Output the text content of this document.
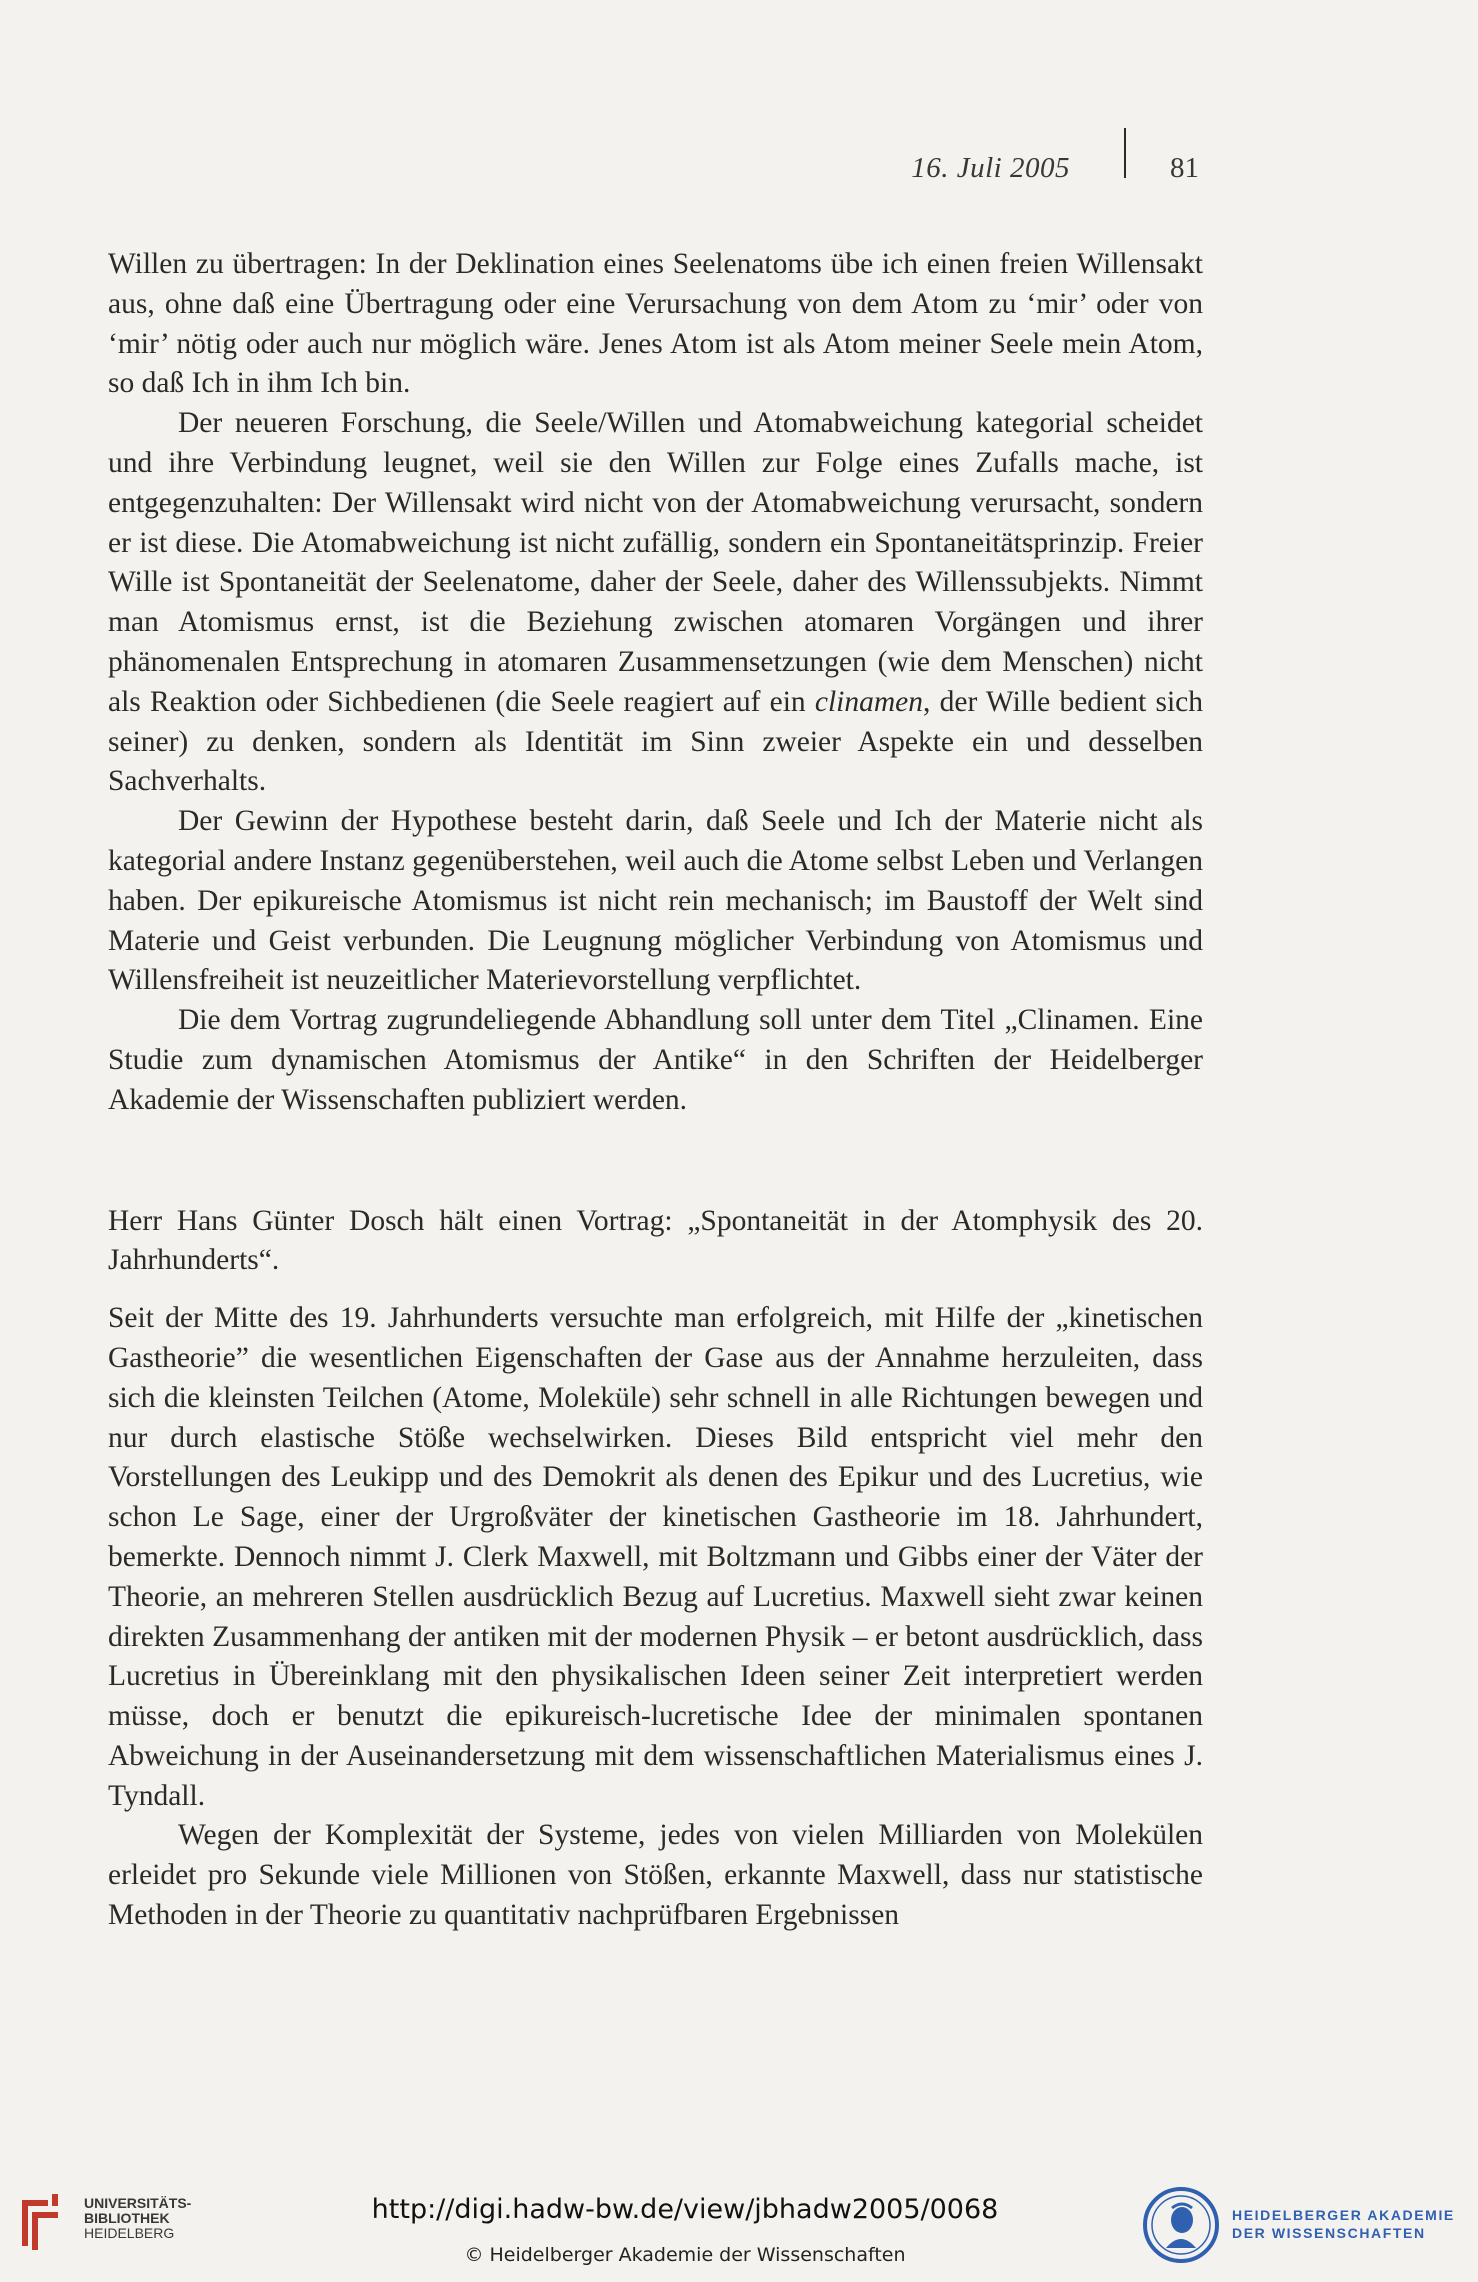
16. Juli 2005	81

Willen zu übertragen: In der Deklination eines Seelenatoms übe ich einen freien Willensakt aus, ohne daß eine Übertragung oder eine Verursachung von dem Atom zu ‘mir’ oder von ‘mir’ nötig oder auch nur möglich wäre. Jenes Atom ist als Atom meiner Seele mein Atom, so daß Ich in ihm Ich bin.

Der neueren Forschung, die Seele/Willen und Atomabweichung kategorial scheidet und ihre Verbindung leugnet, weil sie den Willen zur Folge eines Zufalls mache, ist entgegenzuhalten: Der Willensakt wird nicht von der Atomabweichung verursacht, sondern er ist diese. Die Atomabweichung ist nicht zufällig, sondern ein Spontaneitätsprinzip. Freier Wille ist Spontaneität der Seelenatome, daher der Seele, daher des Willenssubjekts. Nimmt man Atomismus ernst, ist die Beziehung zwischen atomaren Vorgängen und ihrer phänomenalen Entsprechung in atomaren Zusammensetzungen (wie dem Menschen) nicht als Reaktion oder Sichbedienen (die Seele reagiert auf ein clinamen, der Wille bedient sich seiner) zu denken, sondern als Identität im Sinn zweier Aspekte ein und desselben Sachverhalts.

Der Gewinn der Hypothese besteht darin, daß Seele und Ich der Materie nicht als kategorial andere Instanz gegenüberstehen, weil auch die Atome selbst Leben und Verlangen haben. Der epikureische Atomismus ist nicht rein mechanisch; im Baustoff der Welt sind Materie und Geist verbunden. Die Leugnung möglicher Verbindung von Atomismus und Willensfreiheit ist neuzeitlicher Materievorstellung verpflichtet.

Die dem Vortrag zugrundeliegende Abhandlung soll unter dem Titel „Clinamen. Eine Studie zum dynamischen Atomismus der Antike“ in den Schriften der Heidelberger Akademie der Wissenschaften publiziert werden.

Herr Hans Günter Dosch hält einen Vortrag: „Spontaneität in der Atomphysik des 20. Jahrhunderts“.

Seit der Mitte des 19. Jahrhunderts versuchte man erfolgreich, mit Hilfe der „kinetischen Gastheorie” die wesentlichen Eigenschaften der Gase aus der Annahme herzuleiten, dass sich die kleinsten Teilchen (Atome, Moleküle) sehr schnell in alle Richtungen bewegen und nur durch elastische Stöße wechselwirken. Dieses Bild entspricht viel mehr den Vorstellungen des Leukipp und des Demokrit als denen des Epikur und des Lucretius, wie schon Le Sage, einer der Urgroßväter der kinetischen Gastheorie im 18. Jahrhundert, bemerkte. Dennoch nimmt J. Clerk Maxwell, mit Boltzmann und Gibbs einer der Väter der Theorie, an mehreren Stellen ausdrücklich Bezug auf Lucretius. Maxwell sieht zwar keinen direkten Zusammenhang der antiken mit der modernen Physik – er betont ausdrücklich, dass Lucretius in Übereinklang mit den physikalischen Ideen seiner Zeit interpretiert werden müsse, doch er benutzt die epikureisch-lucretische Idee der minimalen spontanen Abweichung in der Auseinandersetzung mit dem wissenschaftlichen Materialismus eines J. Tyndall.

Wegen der Komplexität der Systeme, jedes von vielen Milliarden von Molekülen erleidet pro Sekunde viele Millionen von Stößen, erkannte Maxwell, dass nur statistische Methoden in der Theorie zu quantitativ nachprüfbaren Ergebnissen

UNIVERSITÄTS-
BIBLIOTHEK
HEIDELBERG
http://digi.hadw-bw.de/view/jbhadw2005/0068
© Heidelberger Akademie der Wissenschaften
HEIDELBERGER AKADEMIE
DER WISSENSCHAFTEN
